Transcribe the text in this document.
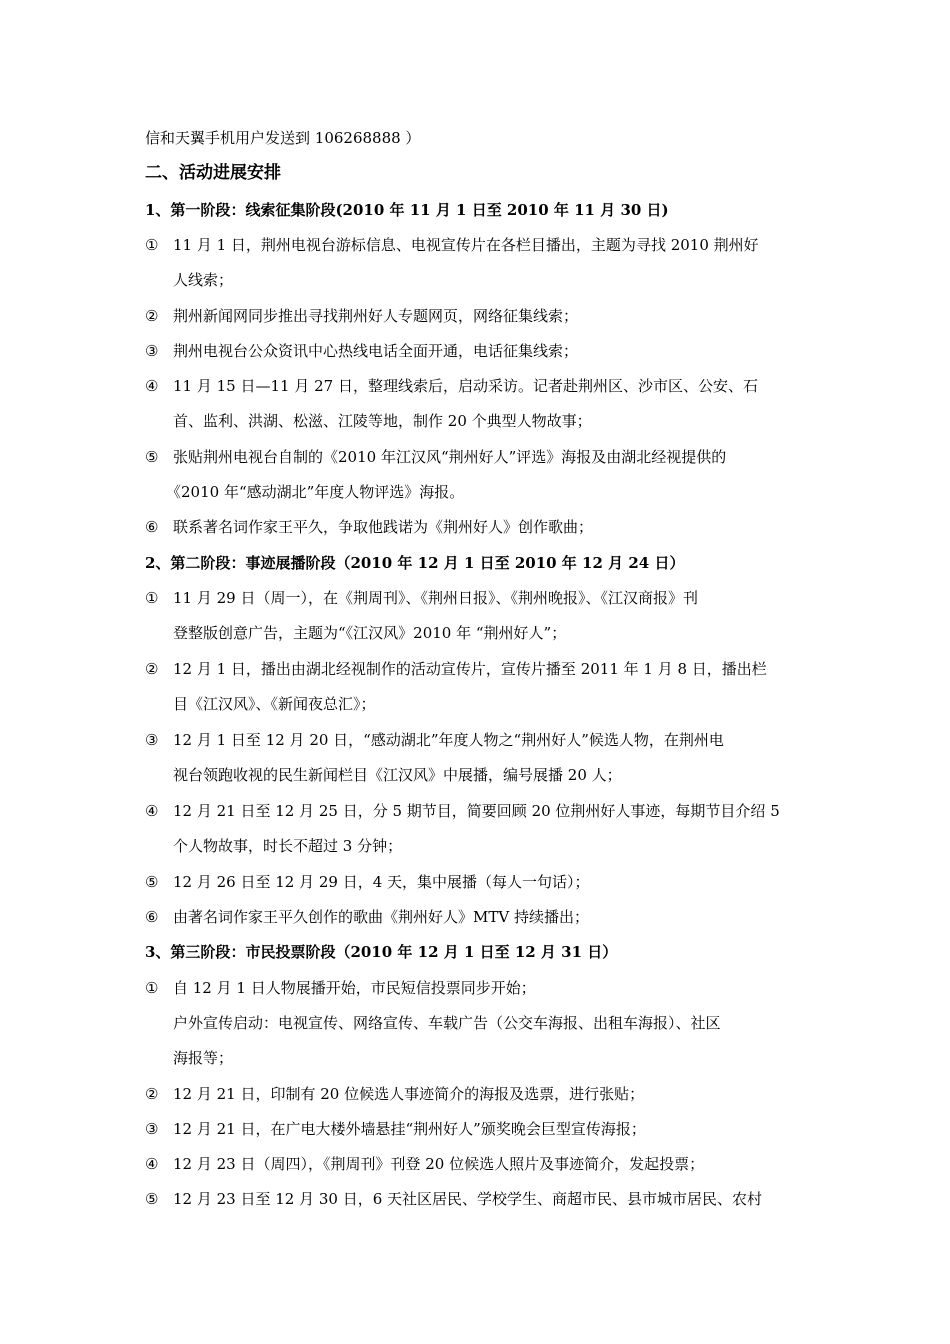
信和天翼手机用户发送到 106268888 ）
二、活动进展安排
1、第一阶段：线索征集阶段(2010 年 11 月 1 日至 2010 年 11 月 30 日)
① 11 月 1 日，荆州电视台游标信息、电视宣传片在各栏目播出，主题为寻找 2010 荆州好
人线索；
② 荆州新闻网同步推出寻找荆州好人专题网页，网络征集线索；
③ 荆州电视台公众资讯中心热线电话全面开通，电话征集线索；
④ 11 月 15 日—11 月 27 日，整理线索后，启动采访。记者赴荆州区、沙市区、公安、石
首、监利、洪湖、松滋、江陵等地，制作 20 个典型人物故事；
⑤ 张贴荆州电视台自制的《2010 年江汉风“荆州好人”评选》海报及由湖北经视提供的
《2010 年“感动湖北”年度人物评选》海报。
⑥ 联系著名词作家王平久，争取他践诺为《荆州好人》创作歌曲；
2、第二阶段：事迹展播阶段（2010 年 12 月 1 日至 2010 年 12 月 24 日）
① 11 月 29 日（周一），在《荆周刊》、《荆州日报》、《荆州晚报》、《江汉商报》刊
登整版创意广告，主题为“《江汉风》2010 年 “荆州好人”；
② 12 月 1 日，播出由湖北经视制作的活动宣传片，宣传片播至 2011 年 1 月 8 日，播出栏
目《江汉风》、《新闻夜总汇》；
③ 12 月 1 日至 12 月 20 日，“感动湖北”年度人物之“荆州好人”候选人物，在荆州电
视台领跑收视的民生新闻栏目《江汉风》中展播，编号展播 20 人；
④ 12 月 21 日至 12 月 25 日，分 5 期节目，简要回顾 20 位荆州好人事迹，每期节目介绍 5
个人物故事，时长不超过 3 分钟；
⑤ 12 月 26 日至 12 月 29 日，4 天，集中展播（每人一句话）；
⑥ 由著名词作家王平久创作的歌曲《荆州好人》MTV 持续播出；
3、第三阶段：市民投票阶段（2010 年 12 月 1 日至 12 月 31 日）
① 自 12 月 1 日人物展播开始，市民短信投票同步开始；
户外宣传启动：电视宣传、网络宣传、车载广告（公交车海报、出租车海报）、社区
海报等；
② 12 月 21 日，印制有 20 位候选人事迹简介的海报及选票，进行张贴；
③ 12 月 21 日，在广电大楼外墙悬挂“荆州好人”颁奖晚会巨型宣传海报；
④ 12 月 23 日（周四），《荆周刊》刊登 20 位候选人照片及事迹简介，发起投票；
⑤ 12 月 23 日至 12 月 30 日，6 天社区居民、学校学生、商超市民、县市城市居民、农村
